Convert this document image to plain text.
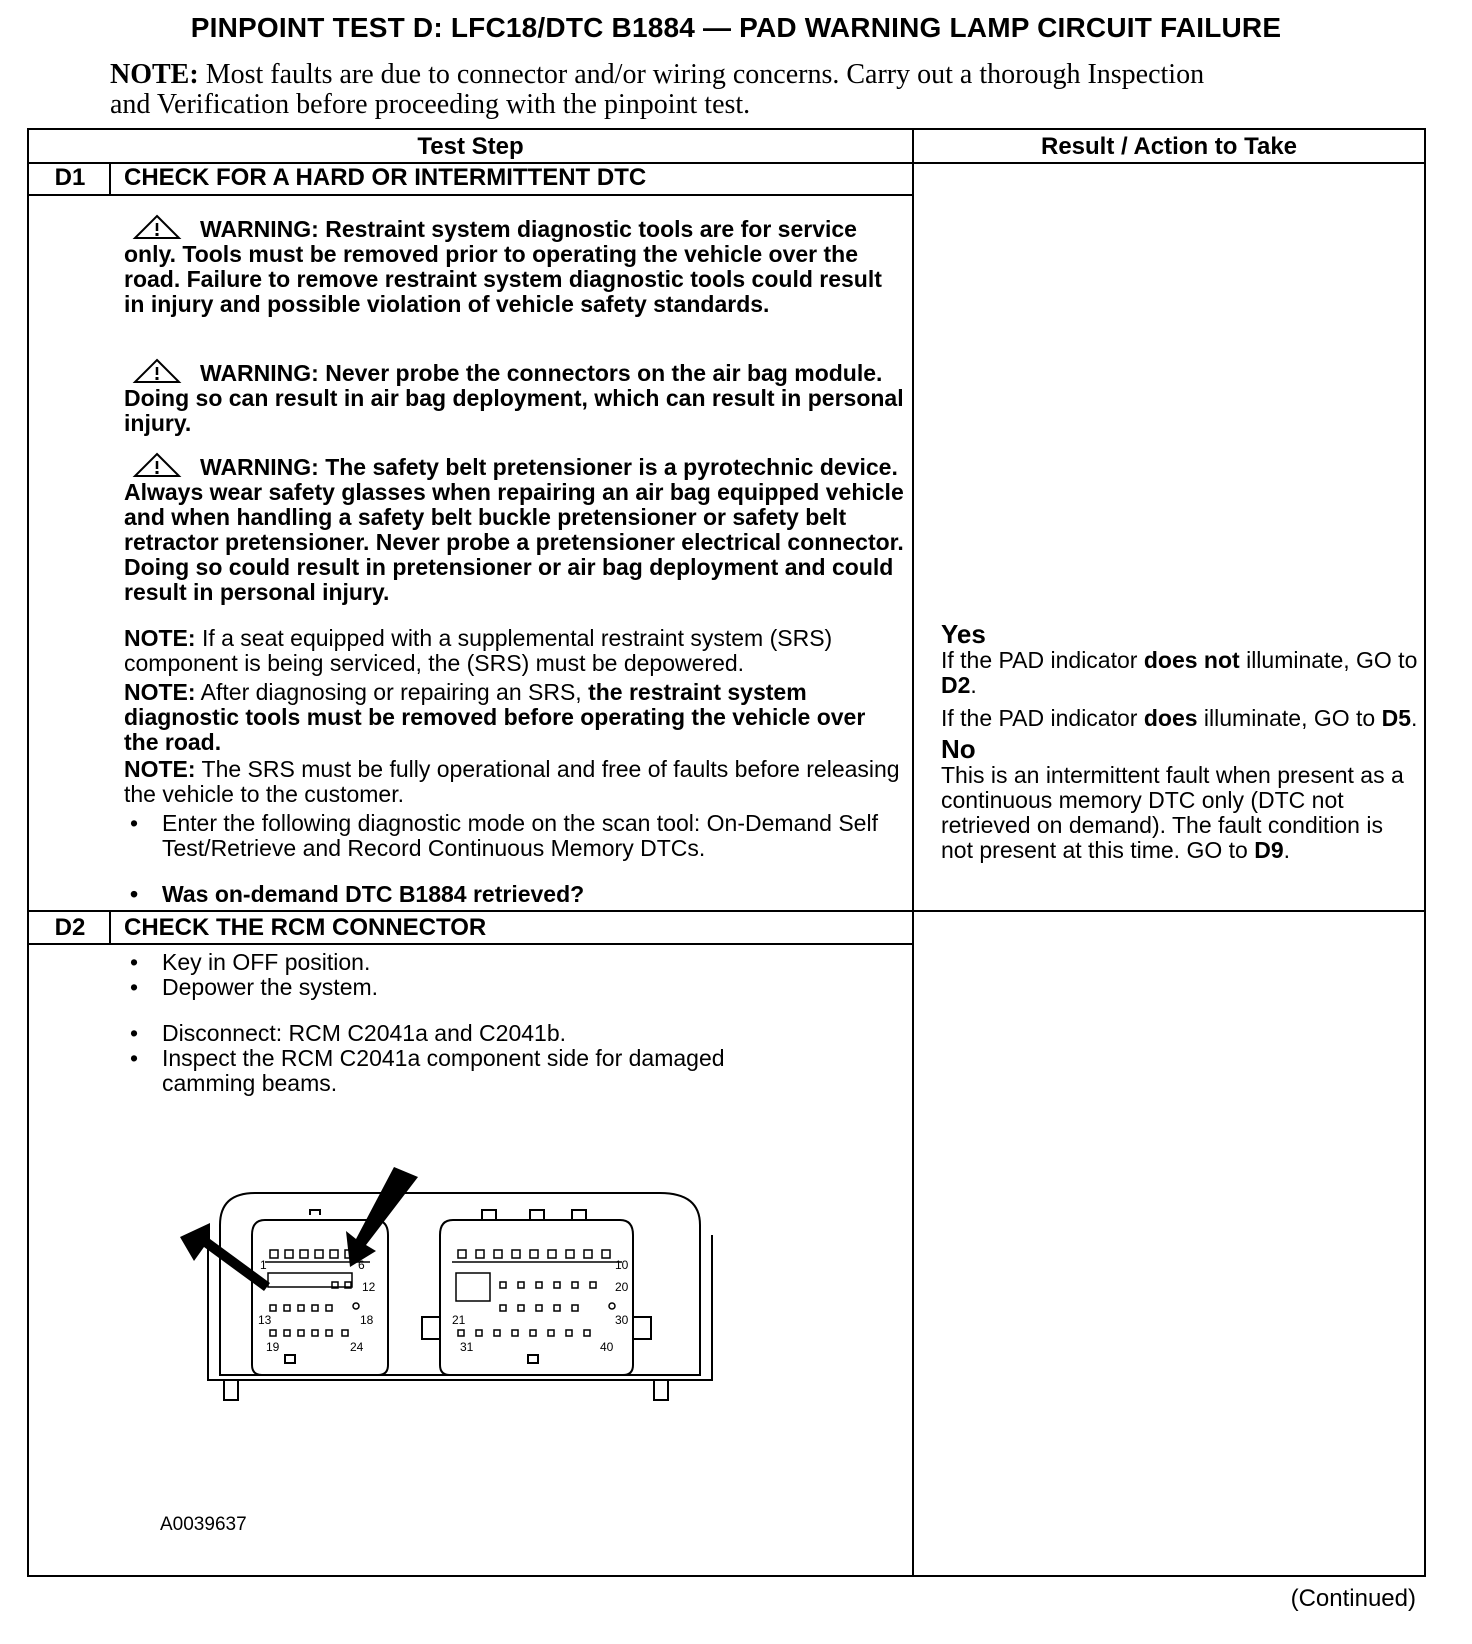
PINPOINT TEST D: LFC18/DTC B1884 — PAD WARNING LAMP CIRCUIT FAILURE
NOTE: Most faults are due to connector and/or wiring concerns. Carry out a thorough Inspection and Verification before proceeding with the pinpoint test.
Test Step	Result / Action to Take
D1	CHECK FOR A HARD OR INTERMITTENT DTC
WARNING: Restraint system diagnostic tools are for service only. Tools must be removed prior to operating the vehicle over the road. Failure to remove restraint system diagnostic tools could result in injury and possible violation of vehicle safety standards.
WARNING: Never probe the connectors on the air bag module. Doing so can result in air bag deployment, which can result in personal injury.
WARNING: The safety belt pretensioner is a pyrotechnic device. Always wear safety glasses when repairing an air bag equipped vehicle and when handling a safety belt buckle pretensioner or safety belt retractor pretensioner. Never probe a pretensioner electrical connector. Doing so could result in pretensioner or air bag deployment and could result in personal injury.
NOTE: If a seat equipped with a supplemental restraint system (SRS) component is being serviced, the (SRS) must be depowered.
NOTE: After diagnosing or repairing an SRS, the restraint system diagnostic tools must be removed before operating the vehicle over the road.
NOTE: The SRS must be fully operational and free of faults before releasing the vehicle to the customer.
• Enter the following diagnostic mode on the scan tool: On-Demand Self Test/Retrieve and Record Continuous Memory DTCs.
• Was on-demand DTC B1884 retrieved?
Yes
If the PAD indicator does not illuminate, GO to D2.
If the PAD indicator does illuminate, GO to D5.
No
This is an intermittent fault when present as a continuous memory DTC only (DTC not retrieved on demand). The fault condition is not present at this time. GO to D9.
D2	CHECK THE RCM CONNECTOR
• Key in OFF position.
• Depower the system.
• Disconnect: RCM C2041a and C2041b.
• Inspect the RCM C2041a component side for damaged camming beams.
1	6
12
13	18
19	24
10
20
21	30
31	40
A0039637
(Continued)
